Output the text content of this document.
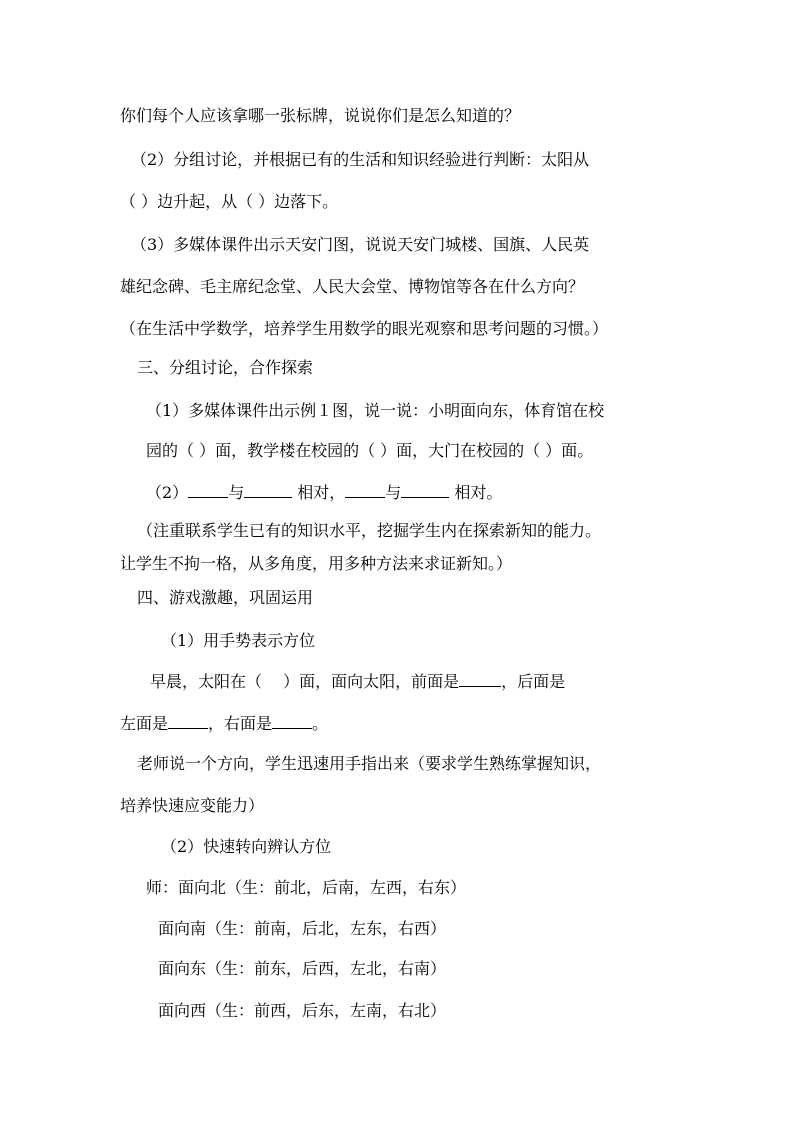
你们每个人应该拿哪一张标牌，说说你们是怎么知道的？
（2）分组讨论，并根据已有的生活和知识经验进行判断：太阳从
（ ）边升起，从（ ）边落下。
（3）多媒体课件出示天安门图，说说天安门城楼、国旗、人民英
雄纪念碑、毛主席纪念堂、人民大会堂、博物馆等各在什么方向？
（在生活中学数学，培养学生用数学的眼光观察和思考问题的习惯。）
三、分组讨论，合作探索
（1）多媒体课件出示例１图，说一说：小明面向东，体育馆在校
园的（ ）面，教学楼在校园的（ ）面，大门在校园的（ ）面。
（2）	与	相对，	与	相对。
（注重联系学生已有的知识水平，挖掘学生内在探索新知的能力。
让学生不拘一格，从多角度，用多种方法来求证新知。）
四、游戏激趣，巩固运用
（1）用手势表示方位
早晨，太阳在（　 ）面，面向太阳，前面是	，后面是
左面是	，右面是	。
老师说一个方向，学生迅速用手指出来（要求学生熟练掌握知识，
培养快速应变能力）
（2）快速转向辨认方位
师：面向北（生：前北，后南，左西，右东）
面向南（生：前南，后北，左东，右西）
面向东（生：前东，后西，左北，右南）
面向西（生：前西，后东，左南，右北）
